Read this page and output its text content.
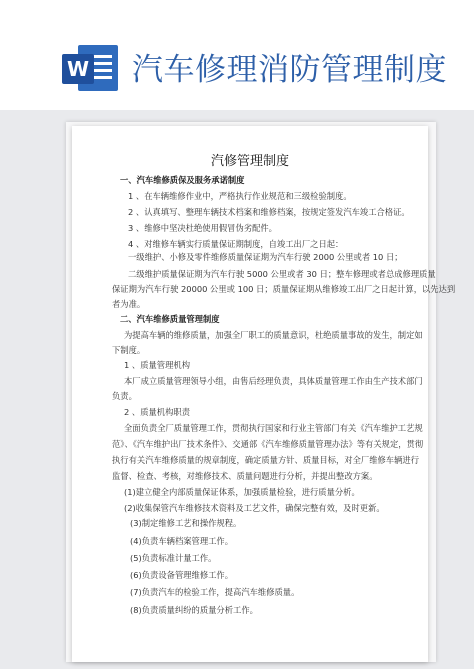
W 汽车修理消防管理制度
汽修管理制度
一、汽车维修质保及服务承诺制度
1 、在车辆维修作业中，严格执行作业规范和三级检验制度。
2 、认真填写、整理车辆技术档案和维修档案，按规定签发汽车竣工合格证。
3 、维修中坚决杜绝使用假冒伪劣配件。
4 、对维修车辆实行质量保证期制度，自竣工出厂之日起：
一级维护、小修及零件维修质量保证期为汽车行驶 2000 公里或者 10 日；
二级维护质量保证期为汽车行驶 5000 公里或者 30 日；整车修理或者总成修理质量
保证期为汽车行驶 20000 公里或 100 日；质量保证期从维修竣工出厂之日起计算，以先达到
者为准。
二、汽车维修质量管理制度
为提高车辆的维修质量，加强全厂职工的质量意识，杜绝质量事故的发生，制定如
下制度。
1 、质量管理机构
本厂成立质量管理领导小组，由售后经理负责，具体质量管理工作由生产技术部门
负责。
2 、质量机构职责
全面负责全厂质量管理工作，贯彻执行国家和行业主管部门有关《汽车维护工艺规
范》、《汽车维护出厂技术条件》、交通部《汽车维修质量管理办法》等有关规定，贯彻
执行有关汽车维修质量的规章制度，确定质量方针、质量目标，对全厂维修车辆进行
监督、检查、考核，对维修技术、质量问题进行分析，并提出整改方案。
(1)建立健全内部质量保证体系，加强质量检验，进行质量分析。
(2)收集保管汽车维修技术资料及工艺文件，确保完整有效，及时更新。
(3)制定维修工艺和操作规程。
(4)负责车辆档案管理工作。
(5)负责标准计量工作。
(6)负责设备管理维修工作。
(7)负责汽车的检验工作，提高汽车维修质量。
(8)负责质量纠纷的质量分析工作。
